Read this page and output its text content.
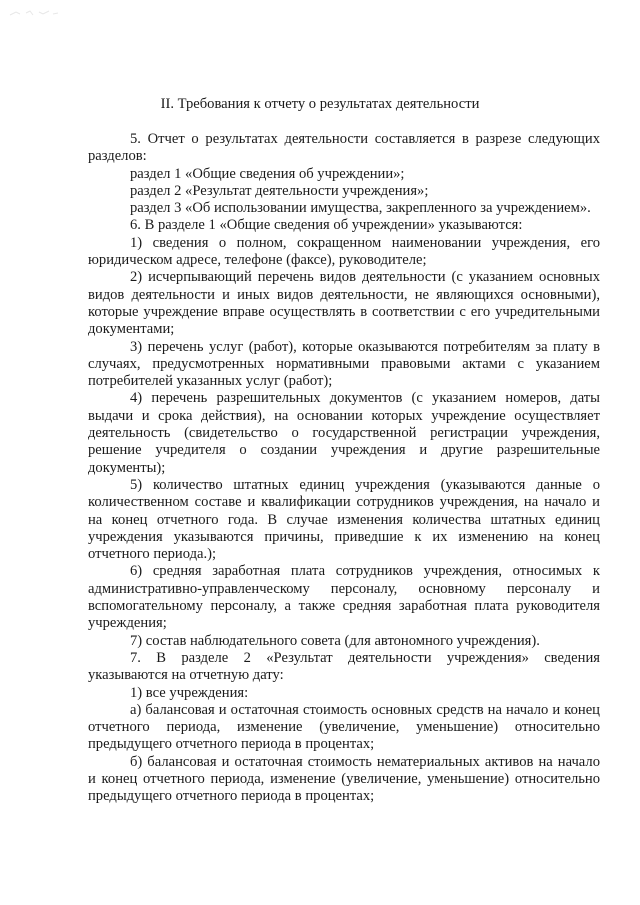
II. Требования к отчету о результатах деятельности

5. Отчет о результатах деятельности составляется в разрезе следующих разделов:

раздел 1 «Общие сведения об учреждении»;

раздел 2 «Результат деятельности учреждения»;

раздел 3 «Об использовании имущества, закрепленного за учреждением».

6. В разделе 1 «Общие сведения об учреждении» указываются:

1) сведения о полном, сокращенном наименовании учреждения, его юридическом адресе, телефоне (факсе), руководителе;

2) исчерпывающий перечень видов деятельности (с указанием основных видов деятельности и иных видов деятельности, не являющихся основными), которые учреждение вправе осуществлять в соответствии с его учредительными документами;

3) перечень услуг (работ), которые оказываются потребителям за плату в случаях, предусмотренных нормативными правовыми актами с указанием потребителей указанных услуг (работ);

4) перечень разрешительных документов (с указанием номеров, даты выдачи и срока действия), на основании которых учреждение осуществляет деятельность (свидетельство о государственной регистрации учреждения, решение учредителя о создании учреждения и другие разрешительные документы);

5) количество штатных единиц учреждения (указываются данные о количественном составе и квалификации сотрудников учреждения, на начало и на конец отчетного года. В случае изменения количества штатных единиц учреждения указываются причины, приведшие к их изменению на конец отчетного периода.);

6) средняя заработная плата сотрудников учреждения, относимых к административно-управленческому персоналу, основному персоналу и вспомогательному персоналу, а также средняя заработная плата руководителя учреждения;

7) состав наблюдательного совета (для автономного учреждения).

7. В разделе 2 «Результат деятельности учреждения» сведения указываются на отчетную дату:

1) все учреждения:

а) балансовая и остаточная стоимость основных средств на начало и конец отчетного периода, изменение (увеличение, уменьшение) относительно предыдущего отчетного периода в процентах;

б) балансовая и остаточная стоимость нематериальных активов на начало и конец отчетного периода, изменение (увеличение, уменьшение) относительно предыдущего отчетного периода в процентах;
